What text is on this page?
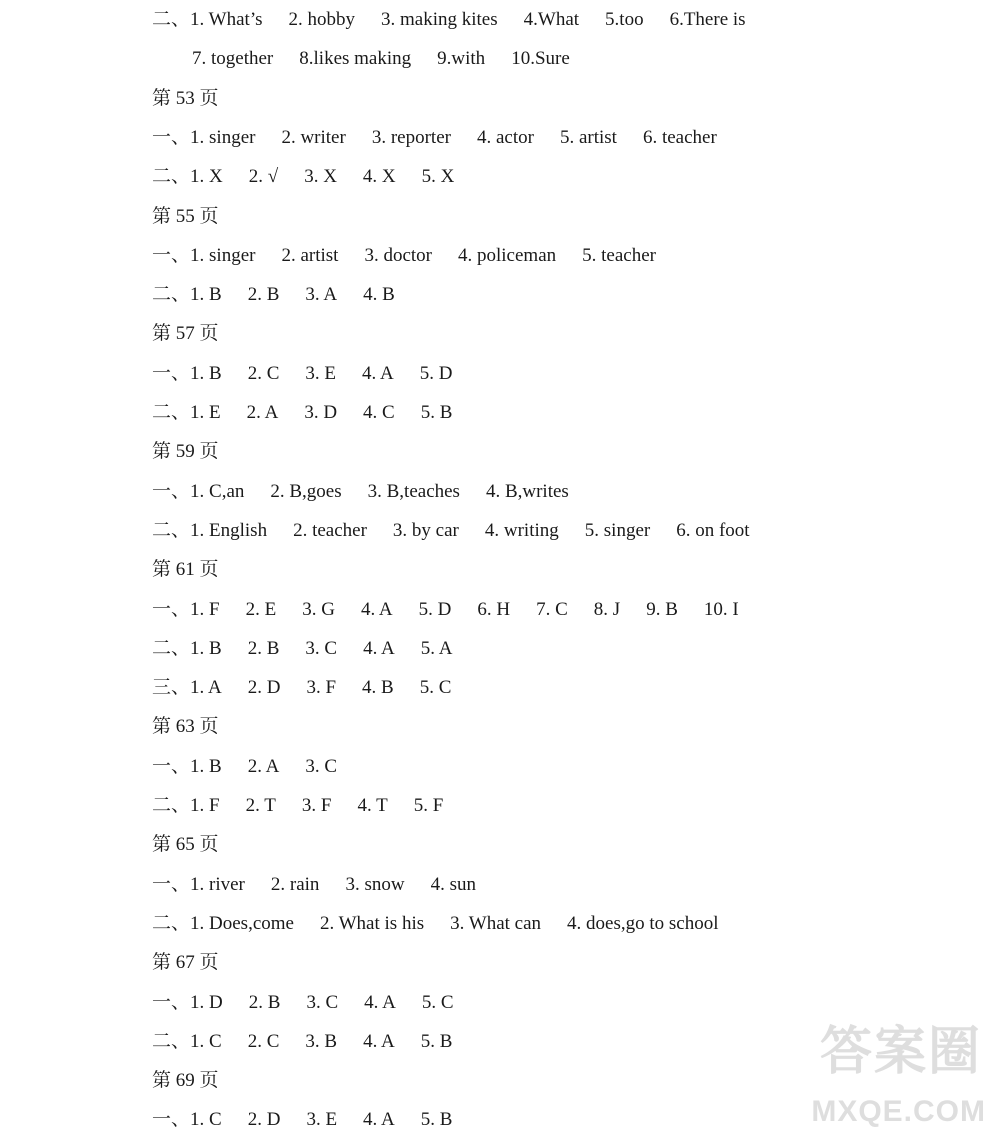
二、1. What’s 2. hobby 3. making kites 4.What 5.too 6.There is
7. together 8.likes making 9.with 10.Sure
第 53 页
一、1. singer 2. writer 3. reporter 4. actor 5. artist 6. teacher
二、1. X 2. √ 3. X 4. X 5. X
第 55 页
一、1. singer 2. artist 3. doctor 4. policeman 5. teacher
二、1. B 2. B 3. A 4. B
第 57 页
一、1. B 2. C 3. E 4. A 5. D
二、1. E 2. A 3. D 4. C 5. B
第 59 页
一、1. C,an 2. B,goes 3. B,teaches 4. B,writes
二、1. English 2. teacher 3. by car 4. writing 5. singer 6. on foot
第 61 页
一、1. F 2. E 3. G 4. A 5. D 6. H 7. C 8. J 9. B 10. I
二、1. B 2. B 3. C 4. A 5. A
三、1. A 2. D 3. F 4. B 5. C
第 63 页
一、1. B 2. A 3. C
二、1. F 2. T 3. F 4. T 5. F
第 65 页
一、1. river 2. rain 3. snow 4. sun
二、1. Does,come 2. What is his 3. What can 4. does,go to school
第 67 页
一、1. D 2. B 3. C 4. A 5. C
二、1. C 2. C 3. B 4. A 5. B
第 69 页
一、1. C 2. D 3. E 4. A 5. B
答案圈
MXQE.COM
